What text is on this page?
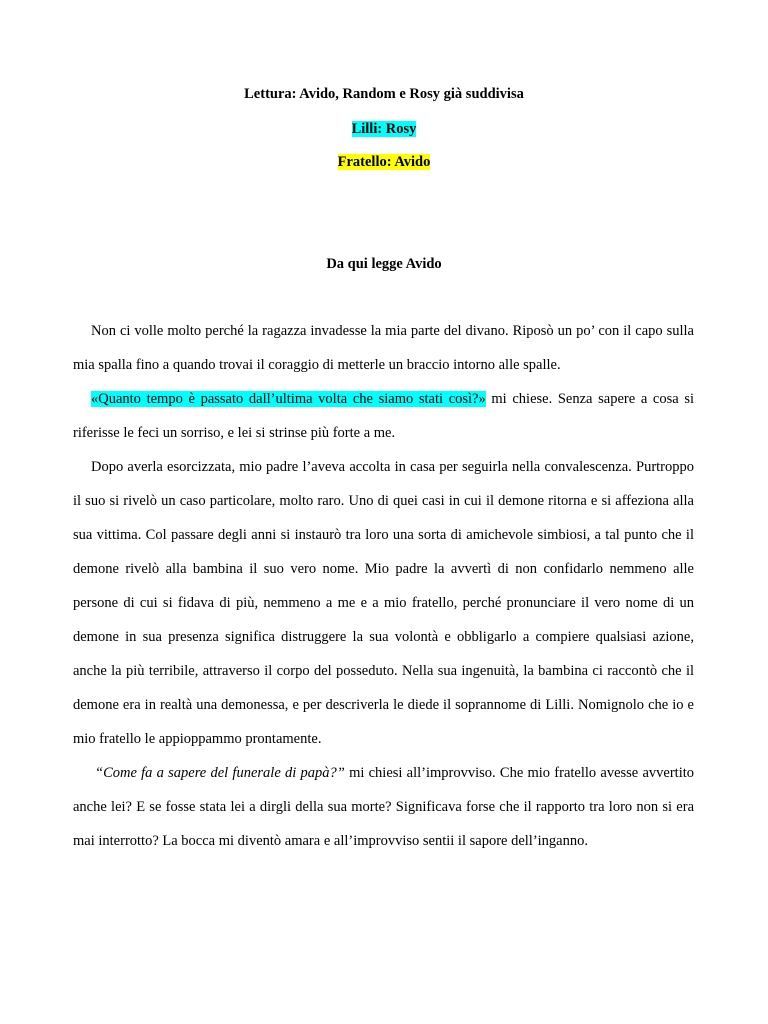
Lettura: Avido, Random e Rosy già suddivisa
Lilli: Rosy
Fratello: Avido
Da qui legge Avido

Non ci volle molto perché la ragazza invadesse la mia parte del divano. Riposò un po’ con il capo sulla mia spalla fino a quando trovai il coraggio di metterle un braccio intorno alle spalle.

«Quanto tempo è passato dall’ultima volta che siamo stati così?» mi chiese. Senza sapere a cosa si riferisse le feci un sorriso, e lei si strinse più forte a me.

Dopo averla esorcizzata, mio padre l’aveva accolta in casa per seguirla nella convalescenza. Purtroppo il suo si rivelò un caso particolare, molto raro. Uno di quei casi in cui il demone ritorna e si affeziona alla sua vittima. Col passare degli anni si instaurò tra loro una sorta di amichevole simbiosi, a tal punto che il demone rivelò alla bambina il suo vero nome. Mio padre la avvertì di non confidarlo nemmeno alle persone di cui si fidava di più, nemmeno a me e a mio fratello, perché pronunciare il vero nome di un demone in sua presenza significa distruggere la sua volontà e obbligarlo a compiere qualsiasi azione, anche la più terribile, attraverso il corpo del posseduto. Nella sua ingenuità, la bambina ci raccontò che il demone era in realtà una demonessa, e per descriverla le diede il soprannome di Lilli. Nomignolo che io e mio fratello le appioppammo prontamente.

“Come fa a sapere del funerale di papà?” mi chiesi all’improvviso. Che mio fratello avesse avvertito anche lei? E se fosse stata lei a dirgli della sua morte? Significava forse che il rapporto tra loro non si era mai interrotto? La bocca mi diventò amara e all’improvviso sentii il sapore dell’inganno.
